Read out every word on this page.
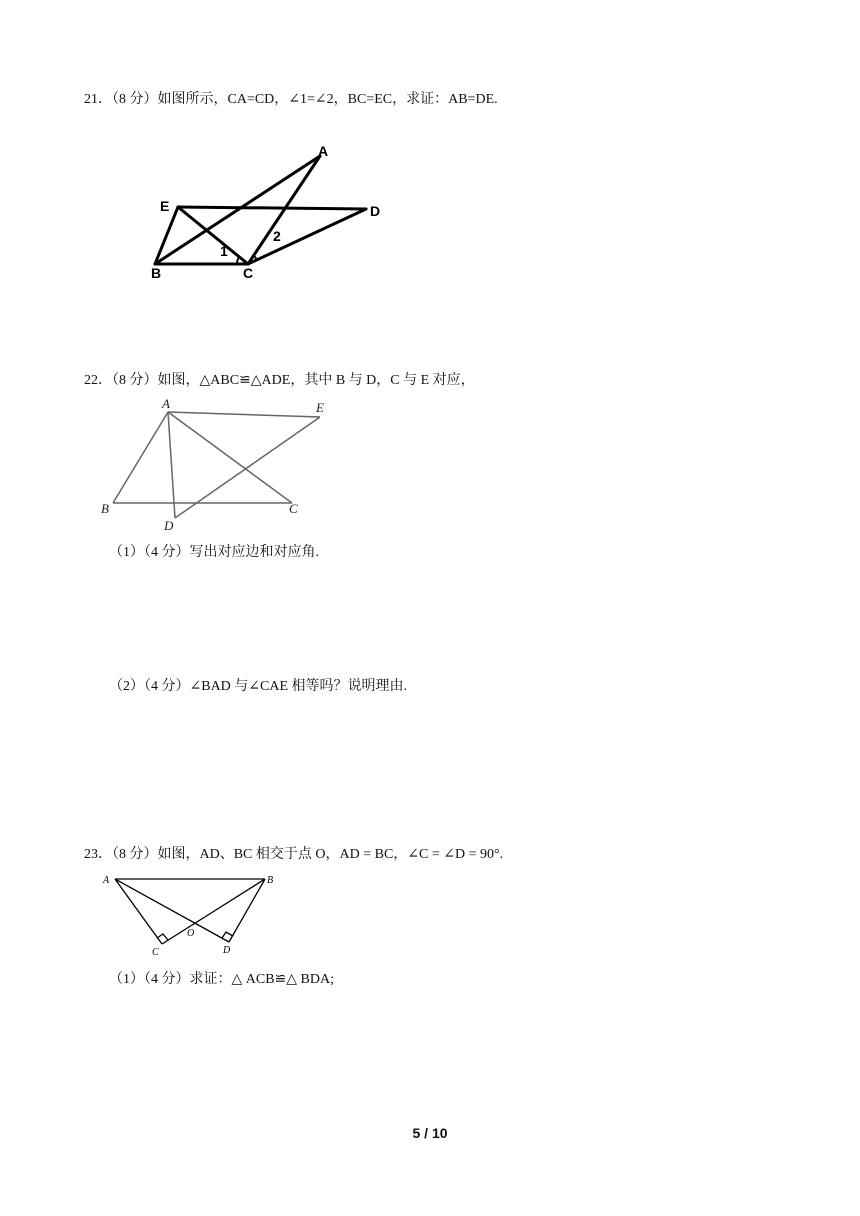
21．（8 分）如图所示，CA=CD，∠1=∠2，BC=EC，求证：AB=DE.
A
E	D
B	C
1
2
22．（8 分）如图，△ABC≌△ADE，其中 B 与 D，C 与 E 对应，
A	E
B	C
D
（1）（4 分）写出对应边和对应角.
（2）（4 分）∠BAD 与∠CAE 相等吗？说明理由.
23．（8 分）如图，AD、BC 相交于点 O，AD = BC，∠C = ∠D = 90°.
A	B
C	D
O
（1）（4 分）求证：△ ACB≌△ BDA;
5 / 10
